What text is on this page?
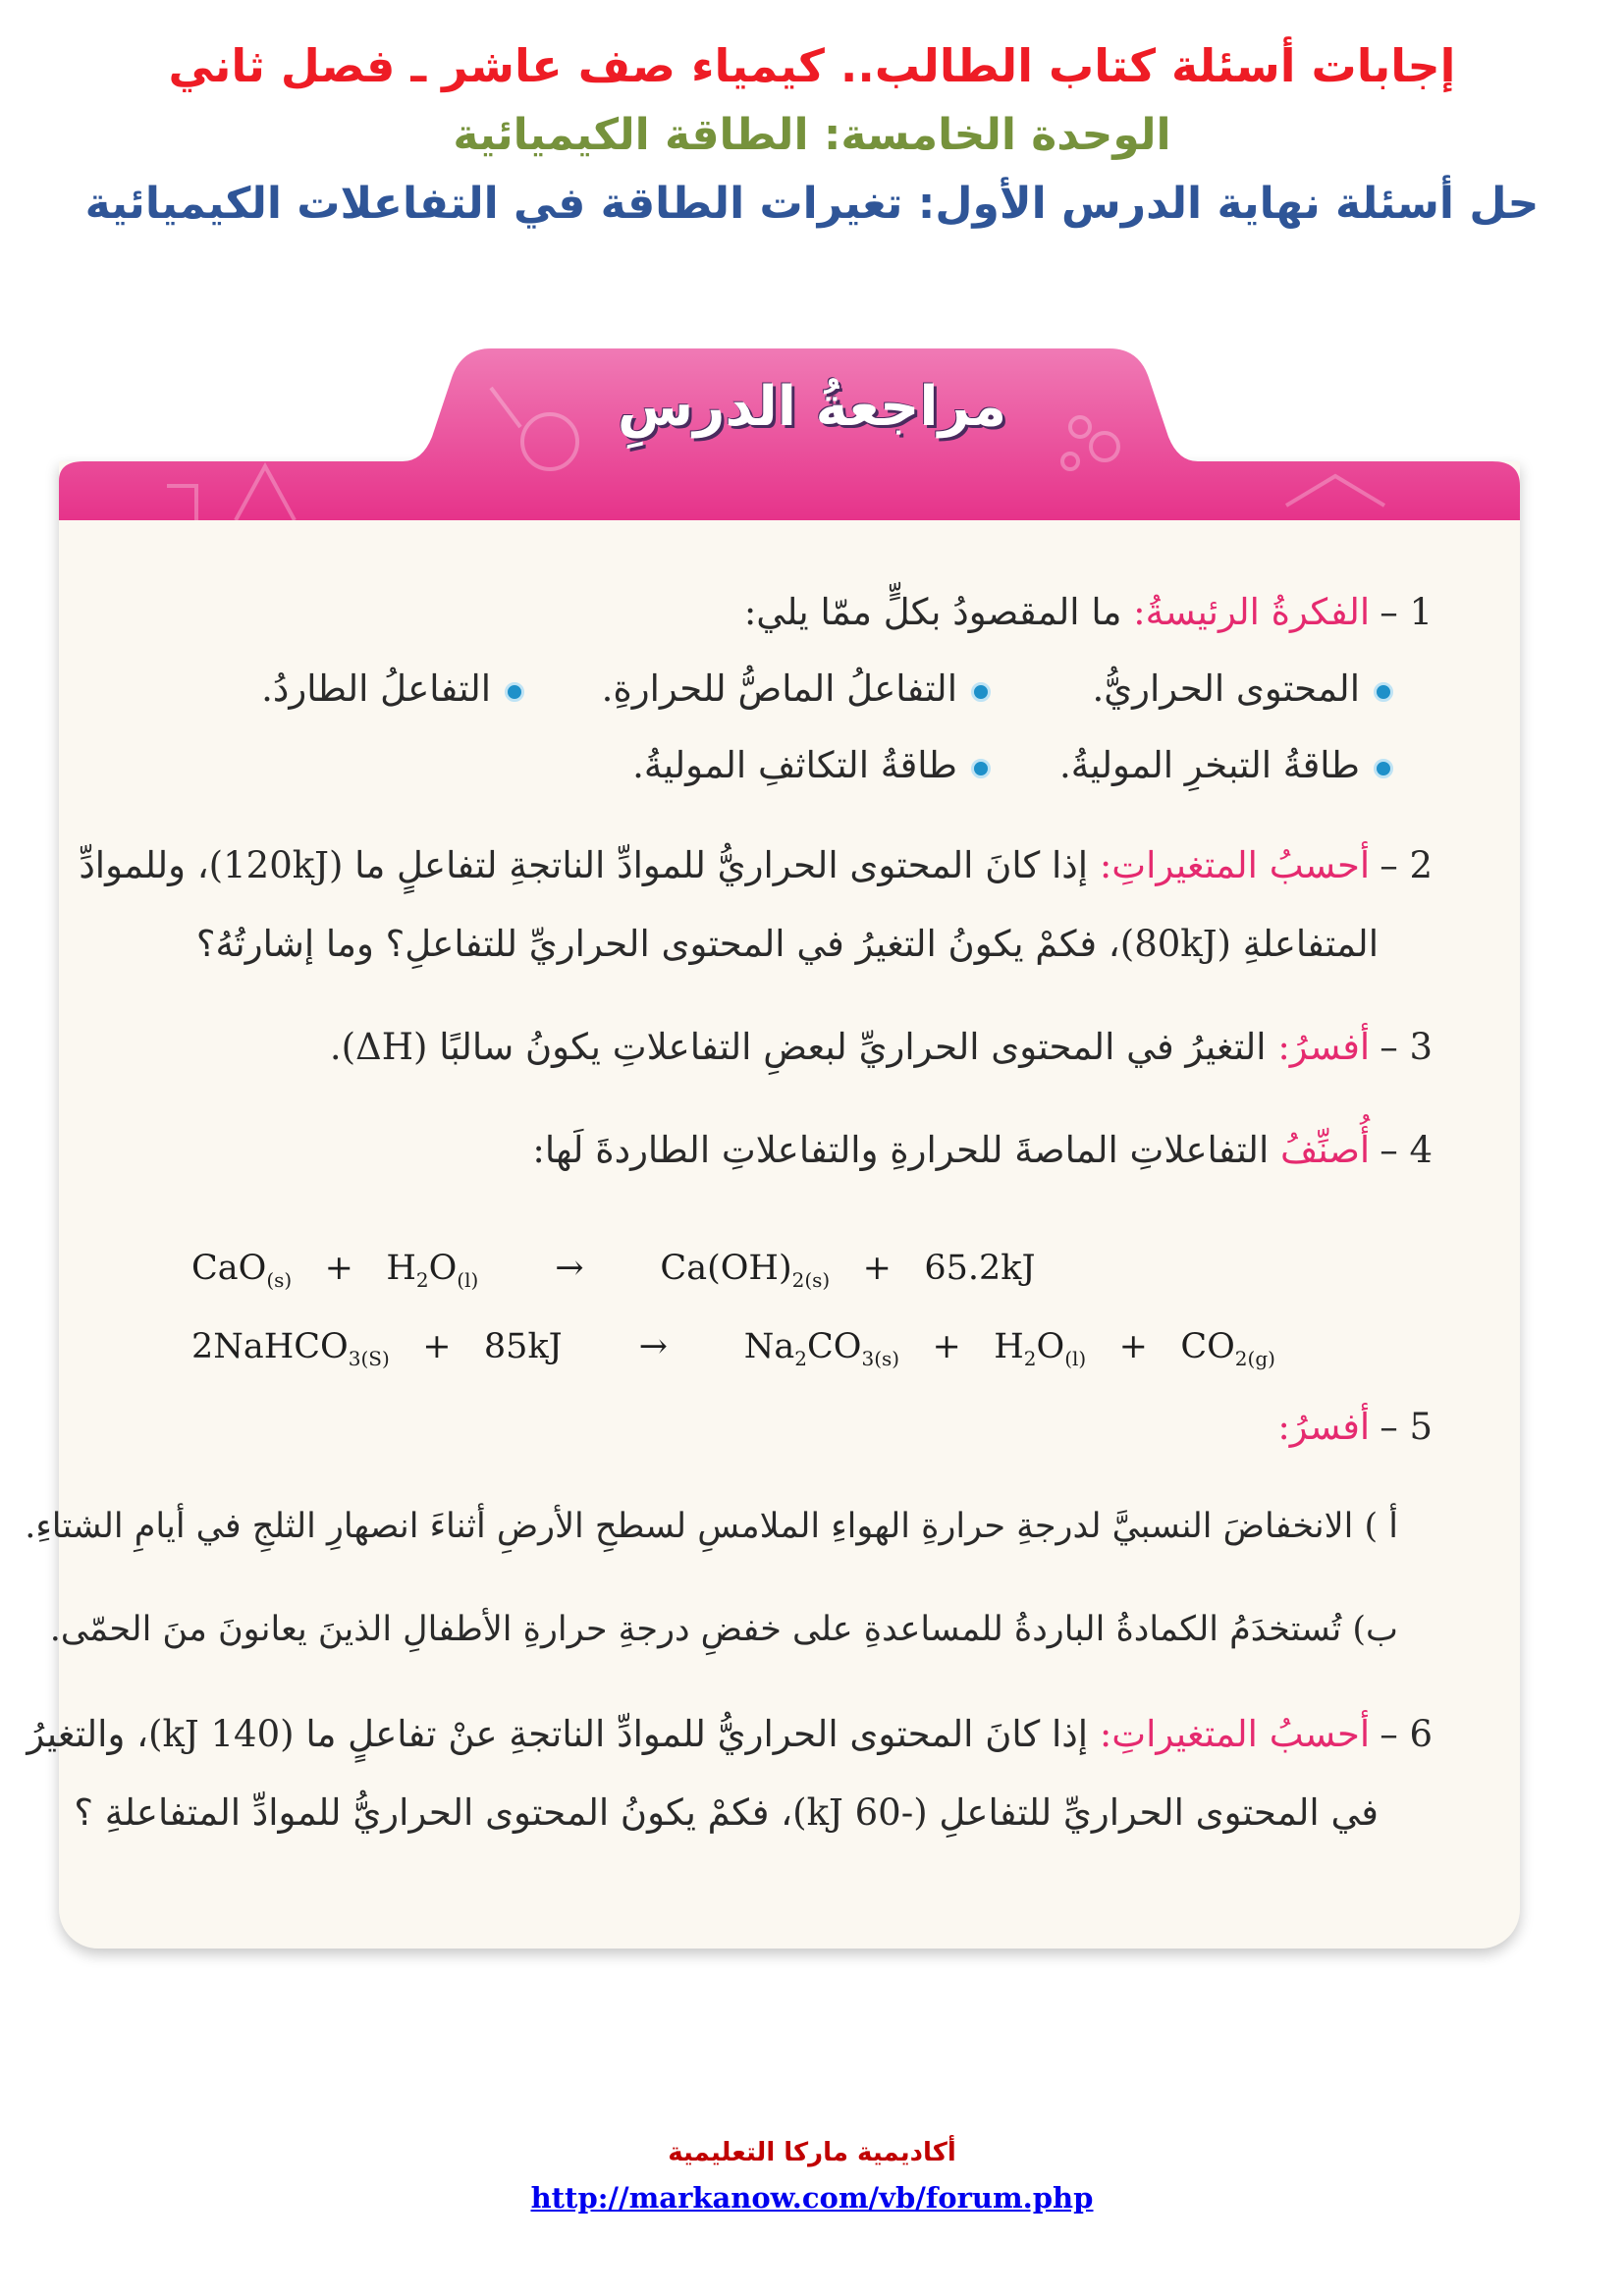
إجابات أسئلة كتاب الطالب.. كيمياء صف عاشر ـ فصل ثاني
الوحدة الخامسة: الطاقة الكيميائية
حل أسئلة نهاية الدرس الأول: تغيرات الطاقة في التفاعلات الكيميائية
مراجعةُ الدرسِ
1 –الفكرةُ الرئيسةُ: ما المقصودُ بكلٍّ ممّا يلي:
المحتوى الحراريُّ.
التفاعلُ الماصُّ للحرارةِ.
التفاعلُ الطاردُ.
طاقةُ التبخرِ الموليةُ.
طاقةُ التكاثفِ الموليةُ.
2 –أحسبُ المتغيراتِ: إذا كانَ المحتوى الحراريُّ للموادِّ الناتجةِ لتفاعلٍ ما (120kJ)، وللموادِّ
المتفاعلةِ (80kJ)، فكمْ يكونُ التغيرُ في المحتوى الحراريِّ للتفاعلِ؟ وما إشارتُهُ؟
3 –أفسرُ: التغيرُ في المحتوى الحراريِّ لبعضِ التفاعلاتِ يكونُ سالبًا (ΔH).
4 –أُصنِّفُ التفاعلاتِ الماصةَ للحرارةِ والتفاعلاتِ الطاردةَ لَها:
$CaO_{(s)} + H_2O_{(l)} \to Ca(OH)_{2(s)} + 65.2kJ$
2NaHCO$_{3(S)}$ + $85kJ \to Na_2CO_{3(s)} + H_2O_{(l)} + CO_{2(g)}$
5 –أفسرُ:
أ ) الانخفاضَ النسبيَّ لدرجةِ حرارةِ الهواءِ الملامسِ لسطحِ الأرضِ أثناءَ انصهارِ الثلجِ في أيامِ الشتاءِ.
ب) تُستخدَمُ الكمادةُ الباردةُ للمساعدةِ على خفضِ درجةِ حرارةِ الأطفالِ الذينَ يعانونَ منَ الحمّى.
6 –أحسبُ المتغيراتِ: إذا كانَ المحتوى الحراريُّ للموادِّ الناتجةِ عنْ تفاعلٍ ما (140 kJ)، والتغيرُ
في المحتوى الحراريِّ للتفاعلِ (-60 kJ)، فكمْ يكونُ المحتوى الحراريُّ للموادِّ المتفاعلةِ ؟
أكاديمية ماركا التعليمية
http://markanow.com/vb/forum.php
